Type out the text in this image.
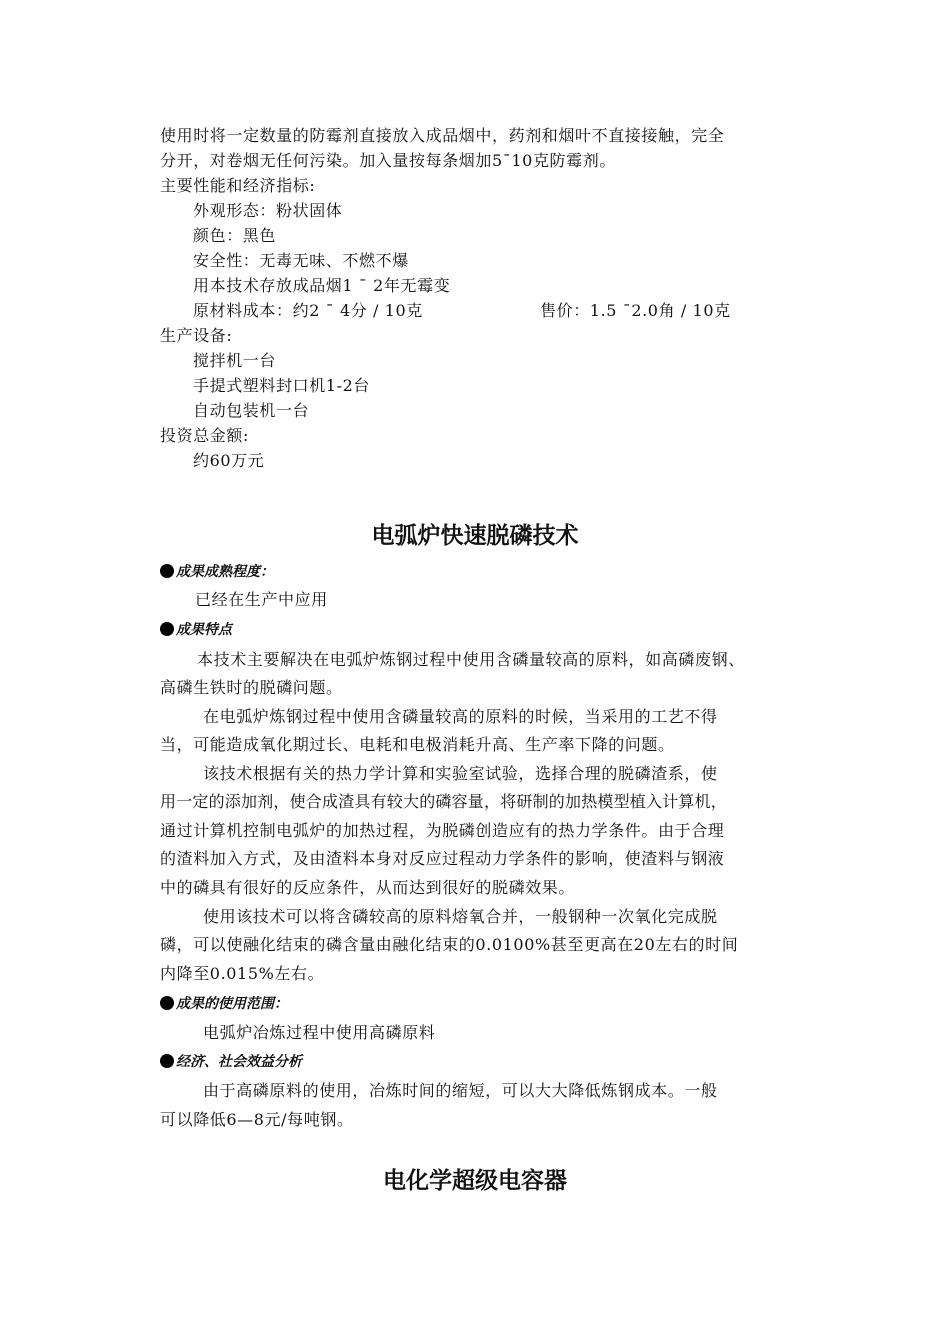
使用时将一定数量的防霉剂直接放入成品烟中，药剂和烟叶不直接接触，完全
分开，对卷烟无任何污染。加入量按每条烟加5¯10克防霉剂。
主要性能和经济指标:
外观形态：粉状固体
颜色：黑色
安全性：无毒无味、不燃不爆
用本技术存放成品烟1 ¯ 2年无霉变
原材料成本：约2 ¯ 4分 / 10克	售价：1.5 ¯2.0角 / 10克
生产设备:
搅拌机一台
手提式塑料封口机1-2台
自动包装机一台
投资总金额:
约60万元
电弧炉快速脱磷技术
成果成熟程度：
已经在生产中应用
成果特点
本技术主要解决在电弧炉炼钢过程中使用含磷量较高的原料，如高磷废钢、
高磷生铁时的脱磷问题。
在电弧炉炼钢过程中使用含磷量较高的原料的时候，当采用的工艺不得
当，可能造成氧化期过长、电耗和电极消耗升高、生产率下降的问题。
该技术根据有关的热力学计算和实验室试验，选择合理的脱磷渣系，使
用一定的添加剂，使合成渣具有较大的磷容量，将研制的加热模型植入计算机，
通过计算机控制电弧炉的加热过程，为脱磷创造应有的热力学条件。由于合理
的渣料加入方式，及由渣料本身对反应过程动力学条件的影响，使渣料与钢液
中的磷具有很好的反应条件，从而达到很好的脱磷效果。
使用该技术可以将含磷较高的原料熔氧合并，一般钢种一次氧化完成脱
磷，可以使融化结束的磷含量由融化结束的0.0100%甚至更高在20左右的时间
内降至0.015%左右。
成果的使用范围：
电弧炉冶炼过程中使用高磷原料
经济、社会效益分析
由于高磷原料的使用，冶炼时间的缩短，可以大大降低炼钢成本。一般
可以降低6—8元/每吨钢。
电化学超级电容器
